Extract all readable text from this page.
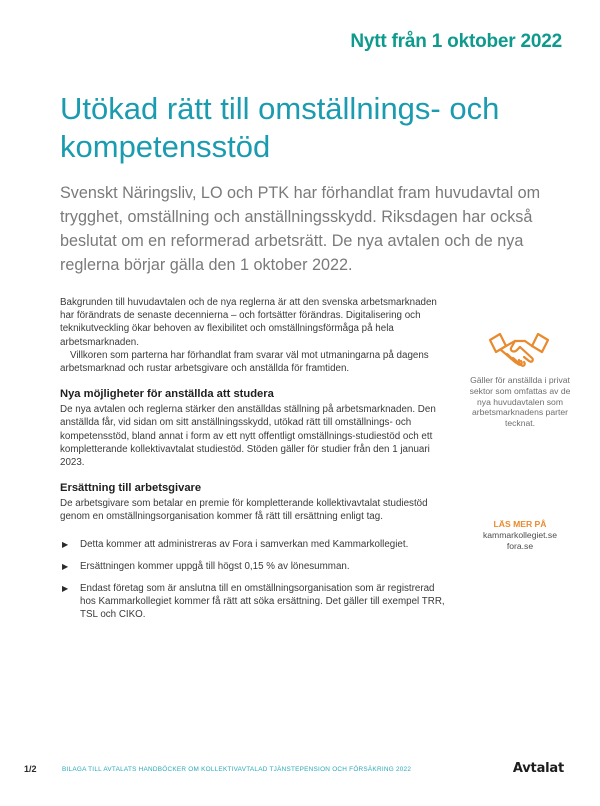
Nytt från 1 oktober 2022
Utökad rätt till omställnings- och kompetensstöd

Svenskt Näringsliv, LO och PTK har förhandlat fram huvudavtal om trygghet, omställning och anställningsskydd. Riksdagen har också beslutat om en reformerad arbetsrätt. De nya avtalen och de nya reglerna börjar gälla den 1 oktober 2022.

Bakgrunden till huvudavtalen och de nya reglerna är att den svenska arbetsmarknaden har förändrats de senaste decennierna – och fortsätter förändras. Digitalisering och teknikutveckling ökar behoven av flexibilitet och omställningsförmåga på hela arbetsmarknaden.

Villkoren som parterna har förhandlat fram svarar väl mot utmaningarna på dagens arbetsmarknad och rustar arbetsgivare och anställda för framtiden.

Nya möjligheter för anställda att studera

De nya avtalen och reglerna stärker den anställdas ställning på arbetsmarknaden. Den anställda får, vid sidan om sitt anställningsskydd, utökad rätt till omställnings- och kompetensstöd, bland annat i form av ett nytt offentligt omställnings-studiestöd och ett kompletterande kollektivavtalat studiestöd. Stöden gäller för studier från den 1 januari 2023.

Ersättning till arbetsgivare

De arbetsgivare som betalar en premie för kompletterande kollektivavtalat studiestöd genom en omställningsorganisation kommer få rätt till ersättning enligt tag.

▶ Detta kommer att administreras av Fora i samverkan med Kammarkollegiet.
▶ Ersättningen kommer uppgå till högst 0,15 % av lönesumman.
▶ Endast företag som är anslutna till en omställningsorganisation som är registrerad hos Kammarkollegiet kommer få rätt att söka ersättning. Det gäller till exempel TRR, TSL och CIKO.
Gäller för anställda i privat sektor som omfattas av de nya huvudavtalen som arbetsmarknadens parter tecknat.
LÄS MER PÅ
kammarkollegiet.se
fora.se
1/2	BILAGA TILL AVTALATS HANDBÖCKER OM KOLLEKTIVAVTALAD TJÄNSTEPENSION OCH FÖRSÄKRING 2022	Avtalat
